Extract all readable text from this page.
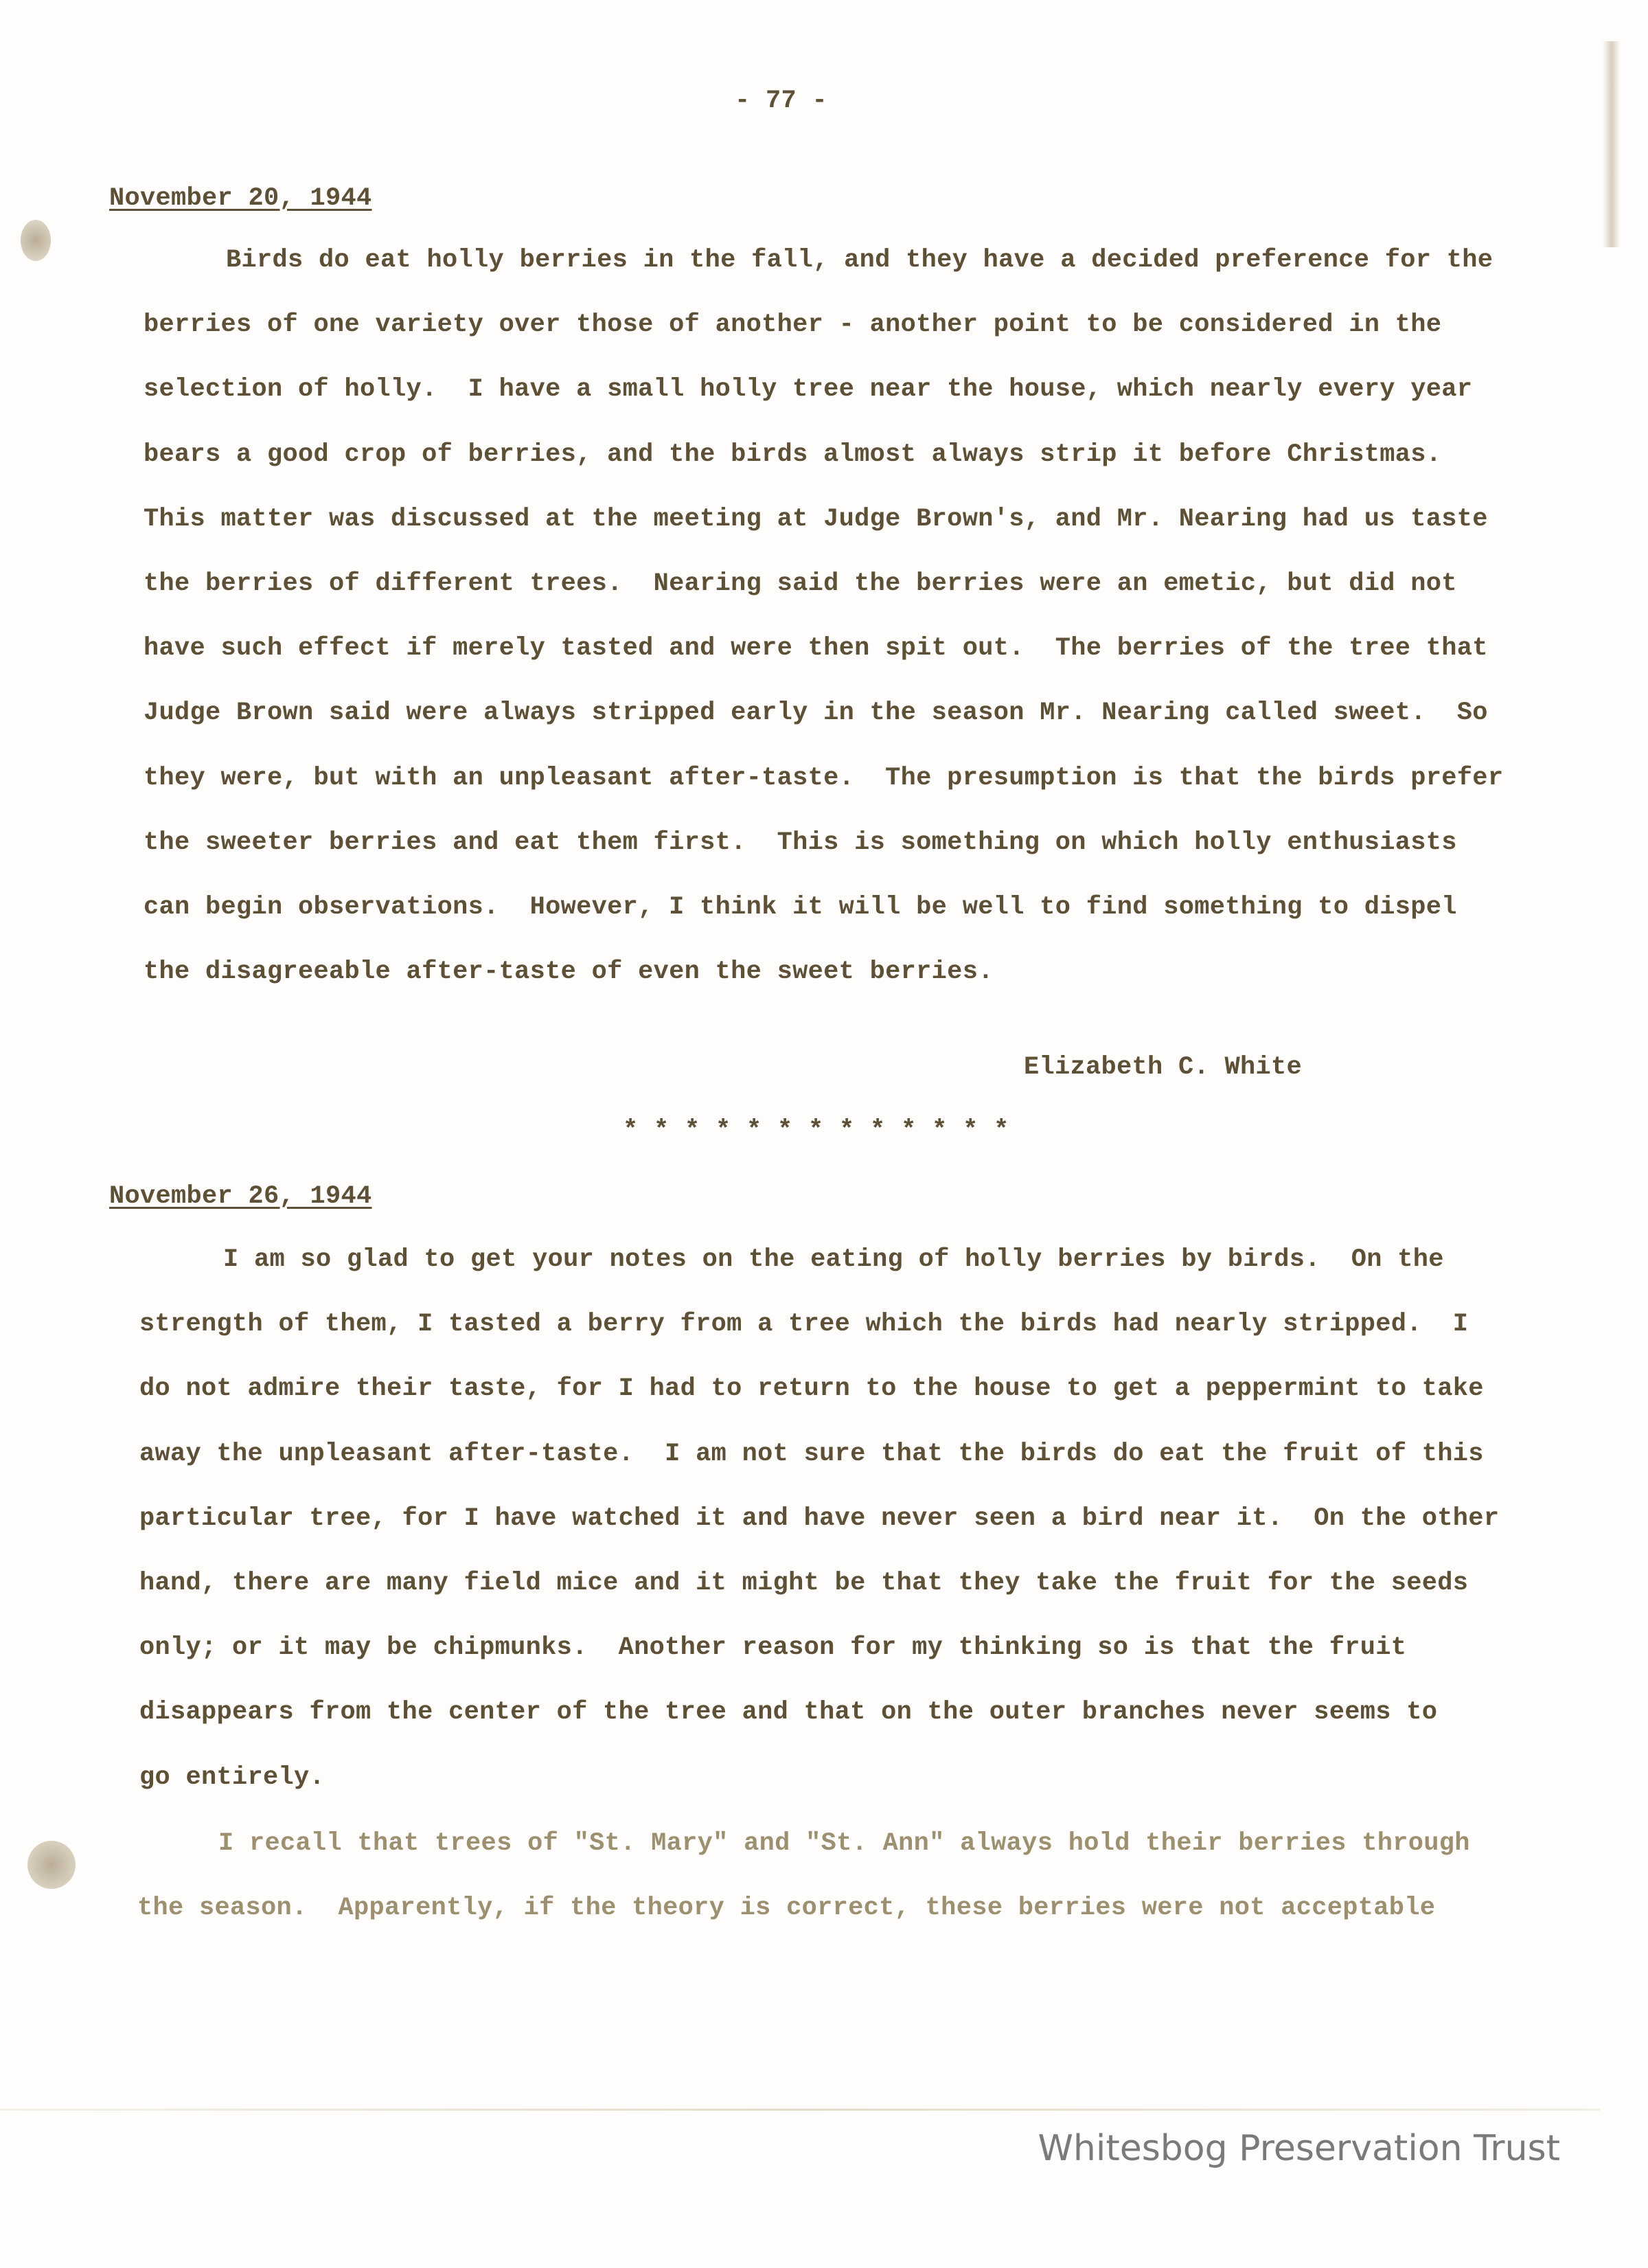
- 77 -
November 20, 1944
Birds do eat holly berries in the fall, and they have a decided preference for the
berries of one variety over those of another - another point to be considered in the
selection of holly.  I have a small holly tree near the house, which nearly every year
bears a good crop of berries, and the birds almost always strip it before Christmas.
This matter was discussed at the meeting at Judge Brown's, and Mr. Nearing had us taste
the berries of different trees.  Nearing said the berries were an emetic, but did not
have such effect if merely tasted and were then spit out.  The berries of the tree that
Judge Brown said were always stripped early in the season Mr. Nearing called sweet.  So
they were, but with an unpleasant after-taste.  The presumption is that the birds prefer
the sweeter berries and eat them first.  This is something on which holly enthusiasts
can begin observations.  However, I think it will be well to find something to dispel
the disagreeable after-taste of even the sweet berries.
Elizabeth C. White
* * * * * * * * * * * * *
November 26, 1944
I am so glad to get your notes on the eating of holly berries by birds.  On the
strength of them, I tasted a berry from a tree which the birds had nearly stripped.  I
do not admire their taste, for I had to return to the house to get a peppermint to take
away the unpleasant after-taste.  I am not sure that the birds do eat the fruit of this
particular tree, for I have watched it and have never seen a bird near it.  On the other
hand, there are many field mice and it might be that they take the fruit for the seeds
only; or it may be chipmunks.  Another reason for my thinking so is that the fruit
disappears from the center of the tree and that on the outer branches never seems to
go entirely.
I recall that trees of "St. Mary" and "St. Ann" always hold their berries through
the season.  Apparently, if the theory is correct, these berries were not acceptable
Whitesbog Preservation Trust
